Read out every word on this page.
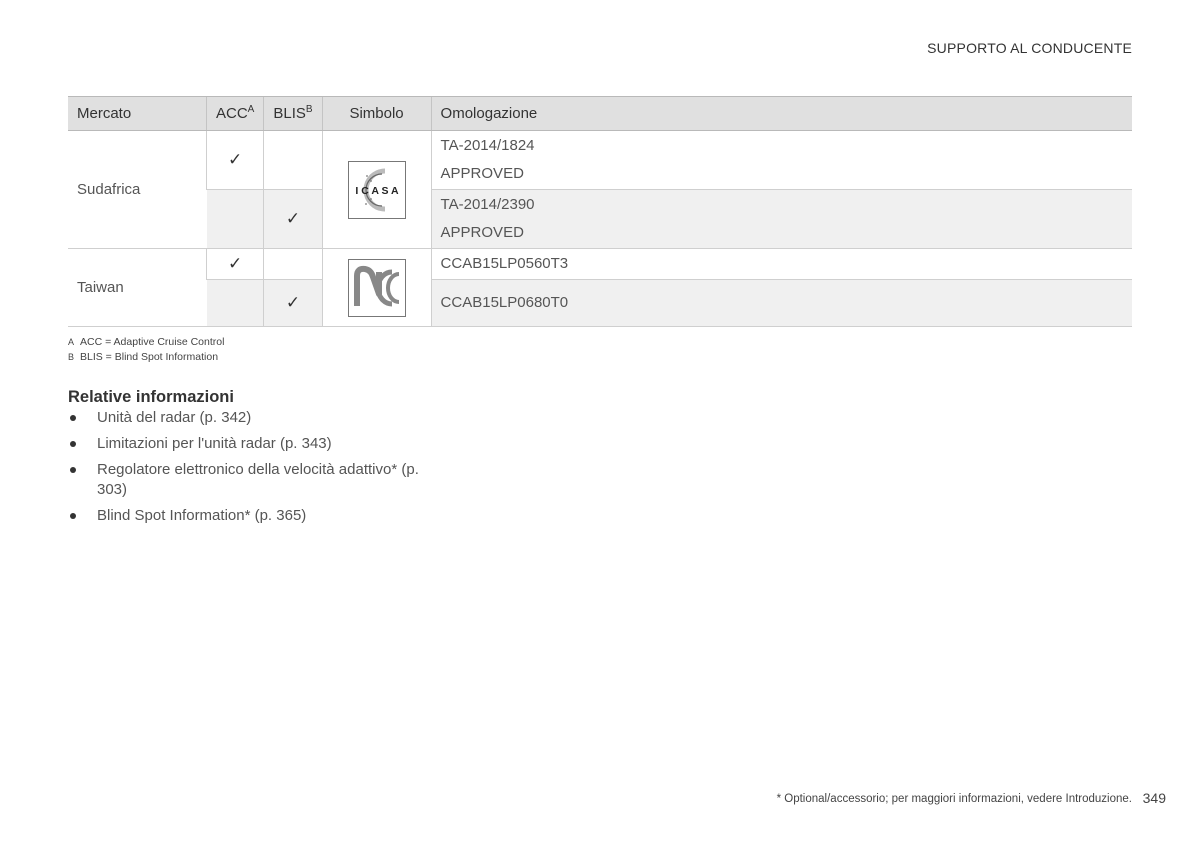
SUPPORTO AL CONDUCENTE
Mercato	$ACC^A$	$BLIS^B$	Simbolo	Omologazione
Sudafrica	✓		I C A S A	TA-2014/1824
APPROVED

		✓		TA-2014/2390
APPROVED

Taiwan	✓			CCAB15LP0560T3

		✓		CCAB15LP0680T0
A ACC = Adaptive Cruise Control
B BLIS = Blind Spot Information
Relative informazioni
Unità del radar (p. 342)
Limitazioni per l'unità radar (p. 343)
Regolatore elettronico della velocità adattivo* (p. 303)
Blind Spot Information* (p. 365)
* Optional/accessorio; per maggiori informazioni, vedere Introduzione. 349
